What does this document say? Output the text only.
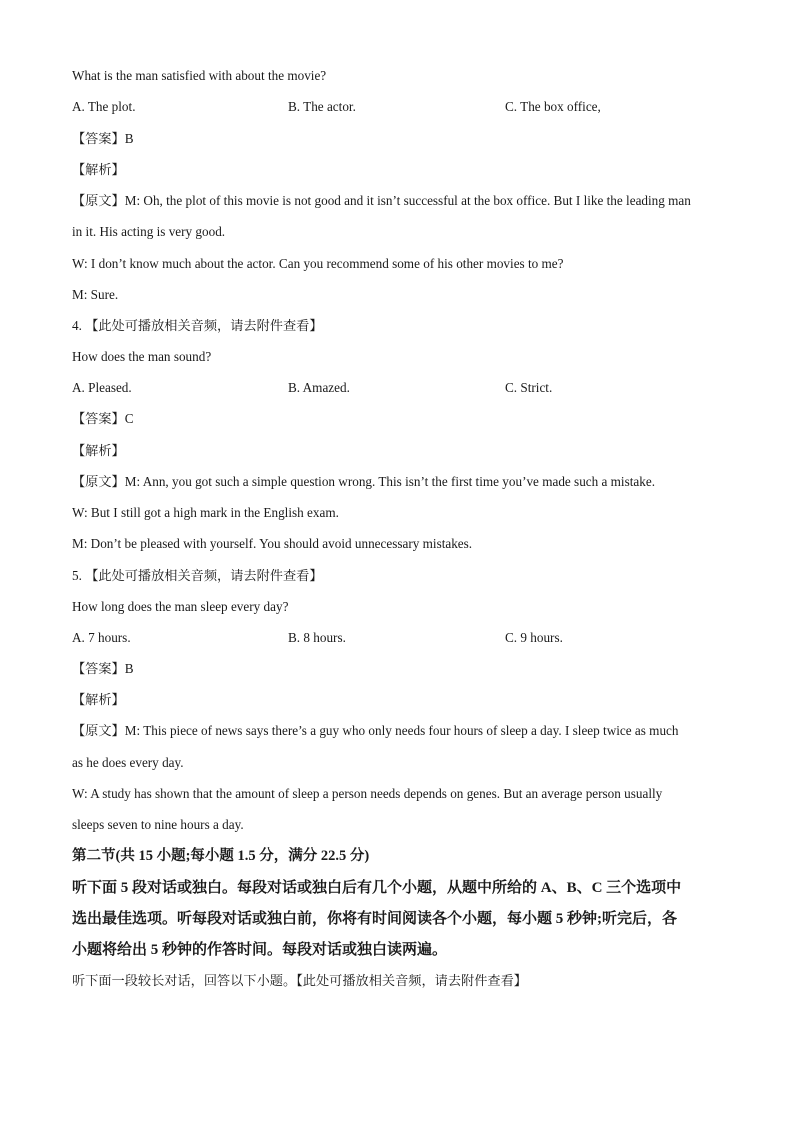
What is the man satisfied with about the movie?
A. The plot.	B. The actor.	C. The box office,
【答案】B
【解析】
【原文】M: Oh, the plot of this movie is not good and it isn’t successful at the box office. But I like the leading man
in it. His acting is very good.
W: I don’t know much about the actor. Can you recommend some of his other movies to me?
M: Sure.
4. 【此处可播放相关音频，请去附件查看】
How does the man sound?
A. Pleased.	B. Amazed.	C. Strict.
【答案】C
【解析】
【原文】M: Ann, you got such a simple question wrong. This isn’t the first time you’ve made such a mistake.
W: But I still got a high mark in the English exam.
M: Don’t be pleased with yourself. You should avoid unnecessary mistakes.
5. 【此处可播放相关音频，请去附件查看】
How long does the man sleep every day?
A. 7 hours.	B. 8 hours.	C. 9 hours.
【答案】B
【解析】
【原文】M: This piece of news says there’s a guy who only needs four hours of sleep a day. I sleep twice as much
as he does every day.
W: A study has shown that the amount of sleep a person needs depends on genes. But an average person usually
sleeps seven to nine hours a day.
第二节(共 15 小题;每小题 1.5 分，满分 22.5 分)
听下面 5 段对话或独白。每段对话或独白后有几个小题，从题中所给的 A、B、C 三个选项中
选出最佳选项。听每段对话或独白前，你将有时间阅读各个小题，每小题 5 秒钟;听完后，各
小题将给出 5 秒钟的作答时间。每段对话或独白读两遍。
听下面一段较长对话，回答以下小题。【此处可播放相关音频，请去附件查看】
